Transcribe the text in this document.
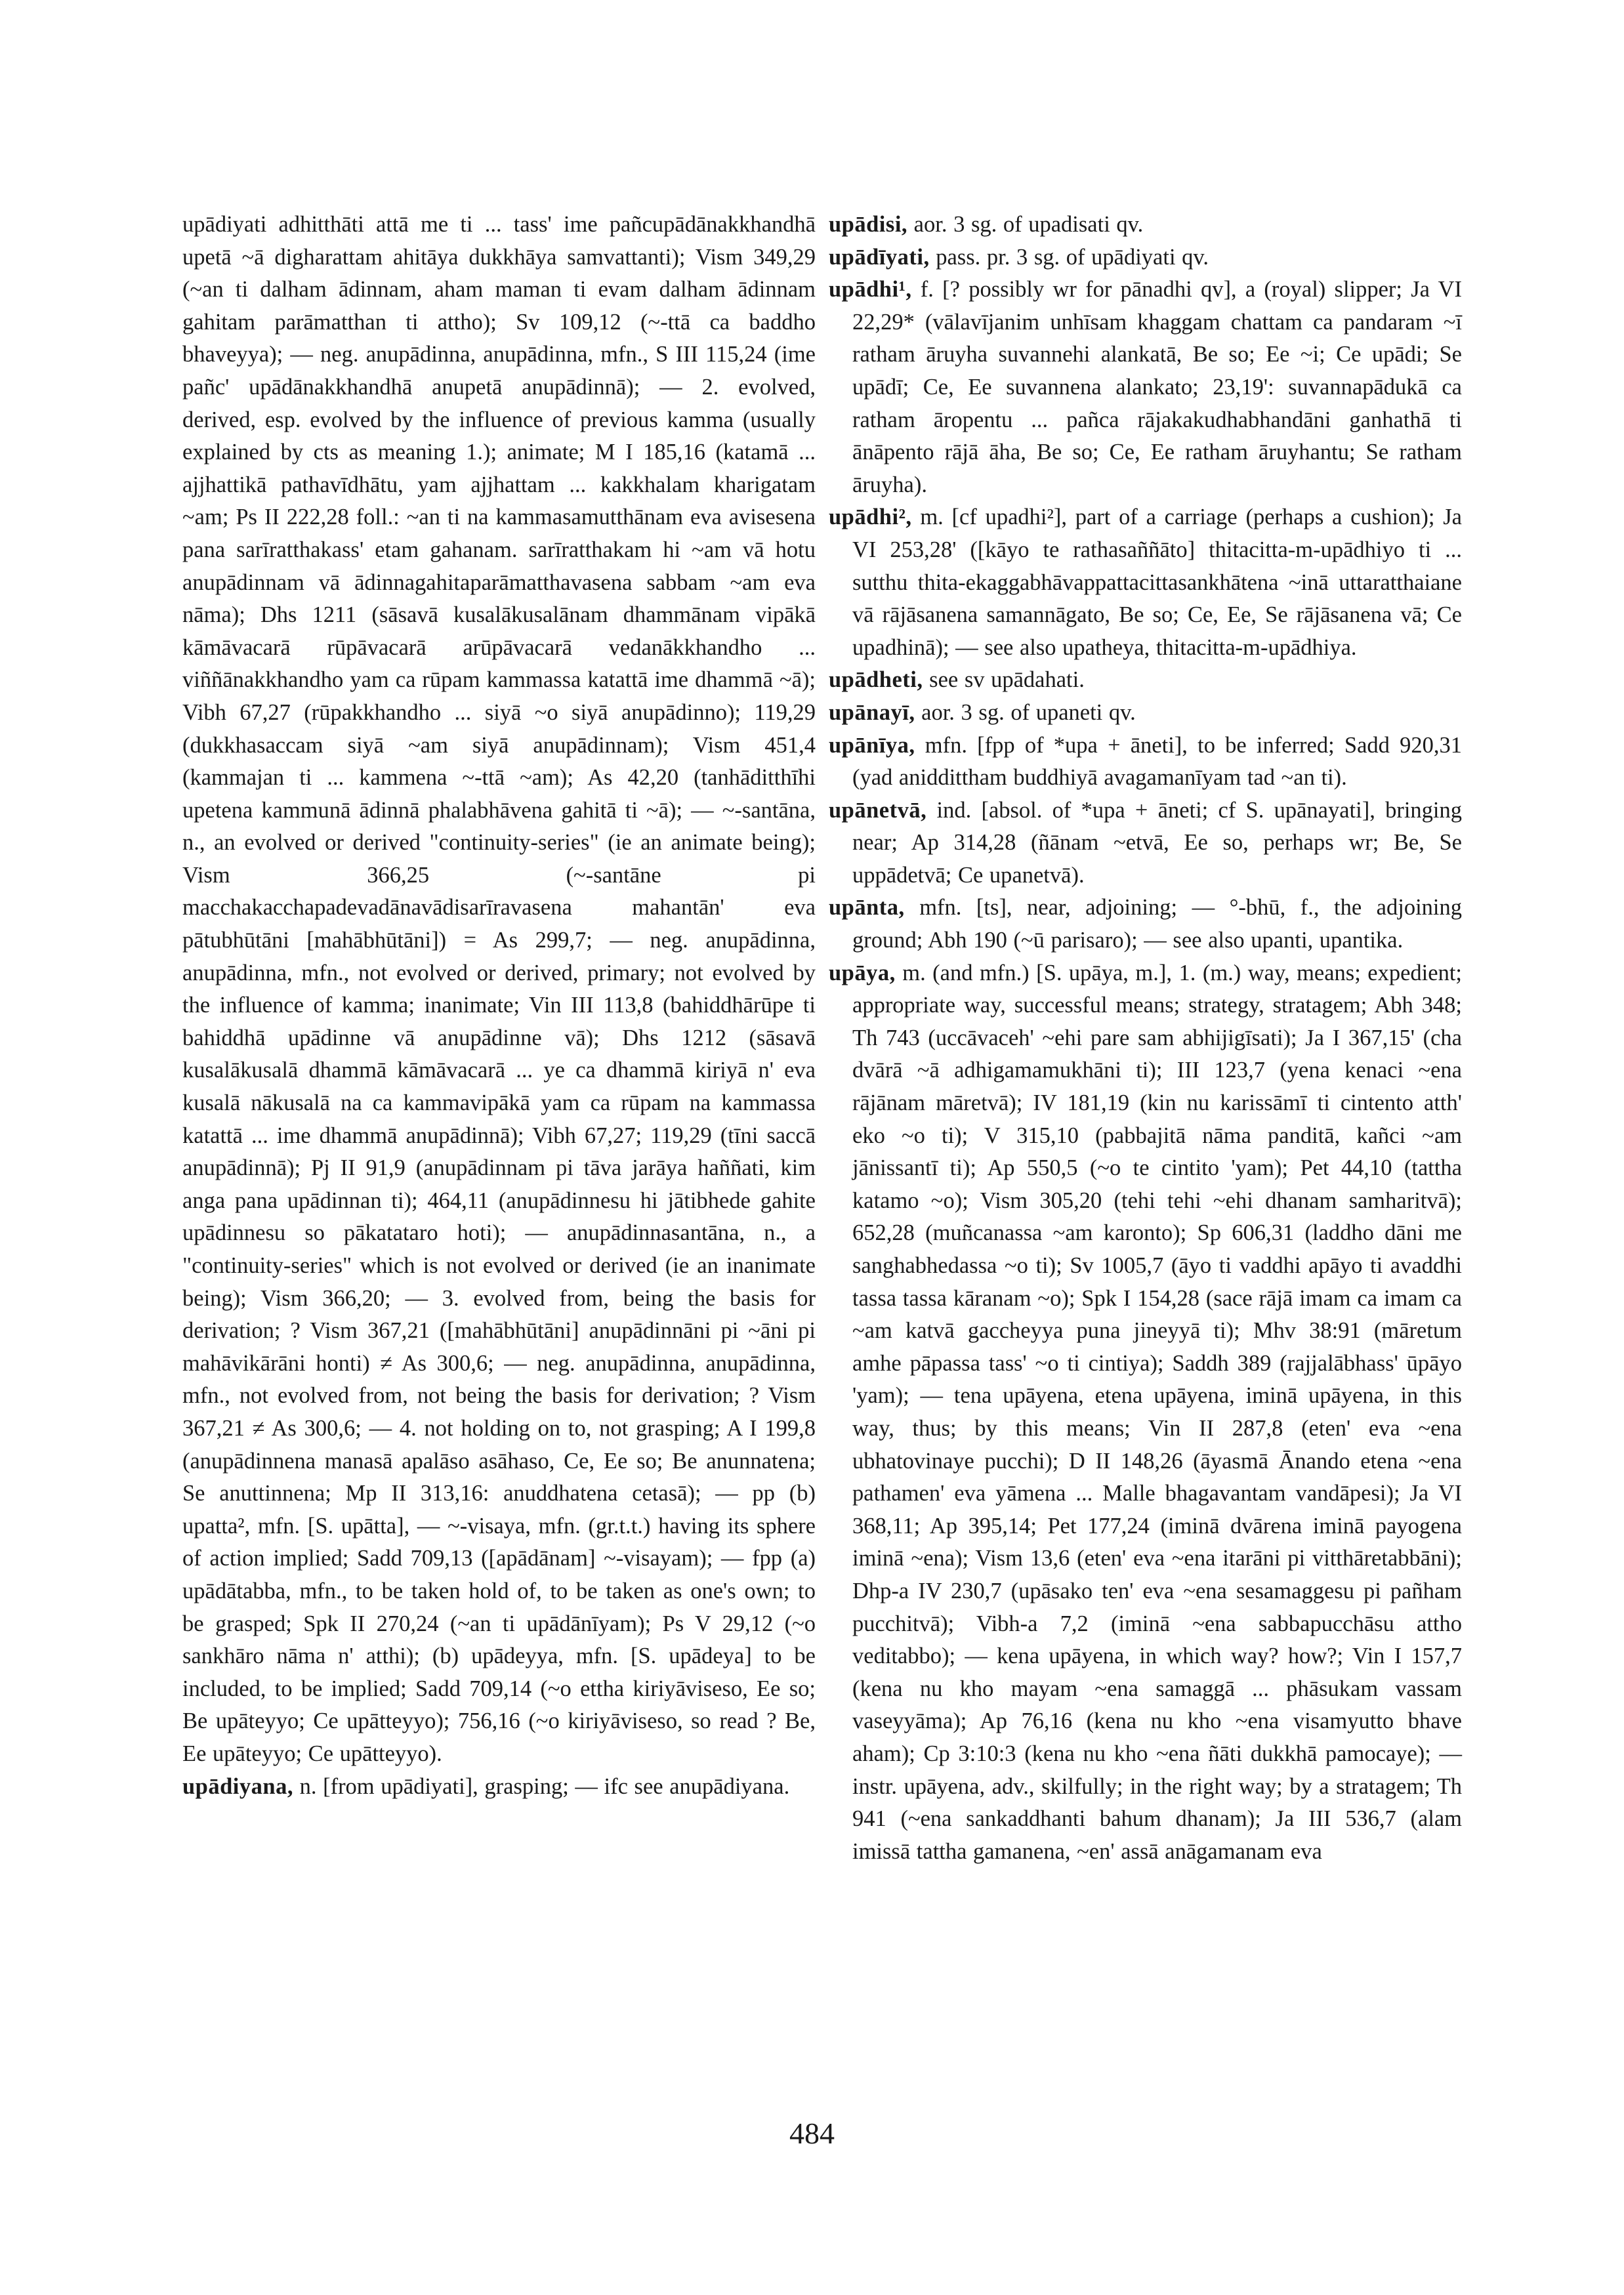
upādiyati adhitthāti attā me ti ... tass' ime pañcupādānakkhandhā upetā ~ā digharattam ahitāya dukkhāya samvattanti); Vism 349,29 (~an ti dalham ādinnam, aham maman ti evam dalham ādinnam gahitam parāmatthan ti attho); Sv 109,12 (~-ttā ca baddho bhaveyya); — neg. anupādinna, anupādinna, mfn., S III 115,24 (ime pañc' upādānakkhandhā anupetā anupādinnā); — 2. evolved, derived, esp. evolved by the influence of previous kamma (usually explained by cts as meaning 1.); animate; M I 185,16 (katamā ... ajjhattikā pathavīdhātu, yam ajjhattam ... kakkhalam kharigatam ~am; Ps II 222,28 foll.: ~an ti na kammasamutthānam eva avisesena pana sarīratthakass' etam gahanam. sarīratthakam hi ~am vā hotu anupādinnam vā ādinnagahitaparāmatthavasena sabbam ~am eva nāma); Dhs 1211 (sāsavā kusalākusalānam dhammānam vipākā kāmāvacarā rūpāvacarā arūpāvacarā vedanākkhandho ... viññānakkhandho yam ca rūpam kammassa katattā ime dhammā ~ā); Vibh 67,27 (rūpakkhandho ... siyā ~o siyā anupādinno); 119,29 (dukkhasaccam siyā ~am siyā anupādinnam); Vism 451,4 (kammajan ti ... kammena ~-ttā ~am); As 42,20 (tanhāditthīhi upetena kammunā ādinnā phalabhāvena gahitā ti ~ā); — ~-santāna, n., an evolved or derived "continuity-series" (ie an animate being); Vism 366,25 (~-santāne pi macchakacchapadevadānavādisarīravasena mahantān' eva pātubhūtāni [mahābhūtāni]) = As 299,7; — neg. anupādinna, anupādinna, mfn., not evolved or derived, primary; not evolved by the influence of kamma; inanimate; Vin III 113,8 (bahiddhārūpe ti bahiddhā upādinne vā anupādinne vā); Dhs 1212 (sāsavā kusalākusalā dhammā kāmāvacarā ... ye ca dhammā kiriyā n' eva kusalā nākusalā na ca kammavipākā yam ca rūpam na kammassa katattā ... ime dhammā anupādinnā); Vibh 67,27; 119,29 (tīni saccā anupādinnā); Pj II 91,9 (anupādinnam pi tāva jarāya haññati, kim anga pana upādinnan ti); 464,11 (anupādinnesu hi jātibhede gahite upādinnesu so pākatataro hoti); — anupādinnasantāna, n., a "continuity-series" which is not evolved or derived (ie an inanimate being); Vism 366,20; — 3. evolved from, being the basis for derivation; ? Vism 367,21 ([mahābhūtāni] anupādinnāni pi ~āni pi mahāvikārāni honti) ≠ As 300,6; — neg. anupādinna, anupādinna, mfn., not evolved from, not being the basis for derivation; ? Vism 367,21 ≠ As 300,6; — 4. not holding on to, not grasping; A I 199,8 (anupādinnena manasā apalāso asāhaso, Ce, Ee so; Be anunnatena; Se anuttinnena; Mp II 313,16: anuddhatena cetasā); — pp (b) upatta², mfn. [S. upātta], — ~-visaya, mfn. (gr.t.t.) having its sphere of action implied; Sadd 709,13 ([apādānam] ~-visayam); — fpp (a) upādātabba, mfn., to be taken hold of, to be taken as one's own; to be grasped; Spk II 270,24 (~an ti upādānīyam); Ps V 29,12 (~o sankhāro nāma n' atthi); (b) upādeyya, mfn. [S. upādeya] to be included, to be implied; Sadd 709,14 (~o ettha kiriyāviseso, Ee so; Be upāteyyo; Ce upātteyyo); 756,16 (~o kiriyāviseso, so read ? Be, Ee upāteyyo; Ce upātteyyo).

upādiyana, n. [from upādiyati], grasping; — ifc see anupādiyana.

upādisi, aor. 3 sg. of upadisati qv.

upādīyati, pass. pr. 3 sg. of upādiyati qv.

upādhi¹, f. [? possibly wr for pānadhi qv], a (royal) slipper; Ja VI 22,29* (vālavījanim unhīsam khaggam chattam ca pandaram ~ī ratham āruyha suvannehi alankatā, Be so; Ee ~i; Ce upādi; Se upādī; Ce, Ee suvannena alankato; 23,19': suvannapādukā ca ratham āropentu ... pañca rājakakudhabhandāni ganhathā ti ānāpento rājā āha, Be so; Ce, Ee ratham āruyhantu; Se ratham āruyha).

upādhi², m. [cf upadhi²], part of a carriage (perhaps a cushion); Ja VI 253,28' ([kāyo te rathasaññāto] thitacitta-m-upādhiyo ti ... sutthu thita-ekaggabhāvappattacittasankhātena ~inā uttaratthaiane vā rājāsanena samannāgato, Be so; Ce, Ee, Se rājāsanena vā; Ce upadhinā); — see also upatheya, thitacitta-m-upādhiya.

upādheti, see sv upādahati.

upānayī, aor. 3 sg. of upaneti qv.

upānīya, mfn. [fpp of *upa + āneti], to be inferred; Sadd 920,31 (yad aniddittham buddhiyā avagamanīyam tad ~an ti).

upānetvā, ind. [absol. of *upa + āneti; cf S. upānayati], bringing near; Ap 314,28 (ñānam ~etvā, Ee so, perhaps wr; Be, Se uppādetvā; Ce upanetvā).

upānta, mfn. [ts], near, adjoining; — °-bhū, f., the adjoining ground; Abh 190 (~ū parisaro); — see also upanti, upantika.

upāya, m. (and mfn.) [S. upāya, m.], 1. (m.) way, means; expedient; appropriate way, successful means; strategy, stratagem; Abh 348; Th 743 (uccāvaceh' ~ehi pare sam abhijigīsati); Ja I 367,15' (cha dvārā ~ā adhigamamukhāni ti); III 123,7 (yena kenaci ~ena rājānam māretvā); IV 181,19 (kin nu karissāmī ti cintento atth' eko ~o ti); V 315,10 (pabbajitā nāma panditā, kañci ~am jānissantī ti); Ap 550,5 (~o te cintito 'yam); Pet 44,10 (tattha katamo ~o); Vism 305,20 (tehi tehi ~ehi dhanam samharitvā); 652,28 (muñcanassa ~am karonto); Sp 606,31 (laddho dāni me sanghabhedassa ~o ti); Sv 1005,7 (āyo ti vaddhi apāyo ti avaddhi tassa tassa kāranam ~o); Spk I 154,28 (sace rājā imam ca imam ca ~am katvā gaccheyya puna jineyyā ti); Mhv 38:91 (māretum amhe pāpassa tass' ~o ti cintiya); Saddh 389 (rajjalābhass' ūpāyo 'yam); — tena upāyena, etena upāyena, iminā upāyena, in this way, thus; by this means; Vin II 287,8 (eten' eva ~ena ubhatovinaye pucchi); D II 148,26 (āyasmā Ānando etena ~ena pathamen' eva yāmena ... Malle bhagavantam vandāpesi); Ja VI 368,11; Ap 395,14; Pet 177,24 (iminā dvārena iminā payogena iminā ~ena); Vism 13,6 (eten' eva ~ena itarāni pi vitthāretabbāni); Dhp-a IV 230,7 (upāsako ten' eva ~ena sesamaggesu pi pañham pucchitvā); Vibh-a 7,2 (iminā ~ena sabbapucchāsu attho veditabbo); — kena upāyena, in which way? how?; Vin I 157,7 (kena nu kho mayam ~ena samaggā ... phāsukam vassam vaseyyāma); Ap 76,16 (kena nu kho ~ena visamyutto bhave aham); Cp 3:10:3 (kena nu kho ~ena ñāti dukkhā pamocaye); — instr. upāyena, adv., skilfully; in the right way; by a stratagem; Th 941 (~ena sankaddhanti bahum dhanam); Ja III 536,7 (alam imissā tattha gamanena, ~en' assā anāgamanam eva

484
